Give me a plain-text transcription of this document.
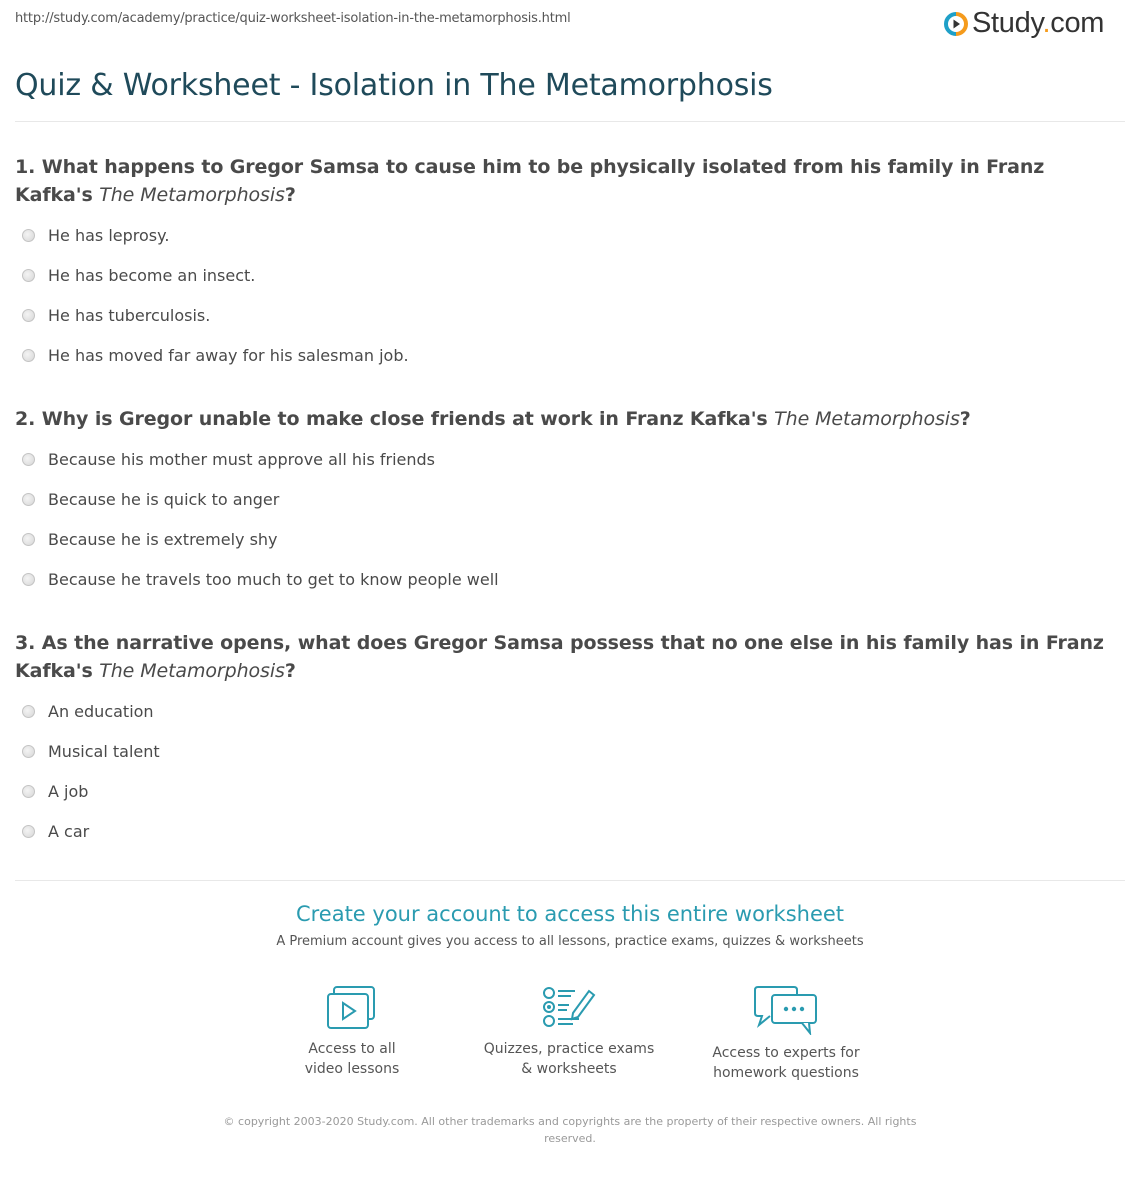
http://study.com/academy/practice/quiz-worksheet-isolation-in-the-metamorphosis.html	Study.com
Quiz & Worksheet - Isolation in The Metamorphosis
1. What happens to Gregor Samsa to cause him to be physically isolated from his family in Franz Kafka's The Metamorphosis?
He has leprosy.
He has become an insect.
He has tuberculosis.
He has moved far away for his salesman job.
2. Why is Gregor unable to make close friends at work in Franz Kafka's The Metamorphosis?
Because his mother must approve all his friends
Because he is quick to anger
Because he is extremely shy
Because he travels too much to get to know people well
3. As the narrative opens, what does Gregor Samsa possess that no one else in his family has in Franz Kafka's The Metamorphosis?
An education
Musical talent
A job
A car
Create your account to access this entire worksheet
A Premium account gives you access to all lessons, practice exams, quizzes & worksheets
Access to all
video lessons
Quizzes, practice exams
& worksheets
Access to experts for
homework questions
© copyright 2003-2020 Study.com. All other trademarks and copyrights are the property of their respective owners. All rights reserved.
